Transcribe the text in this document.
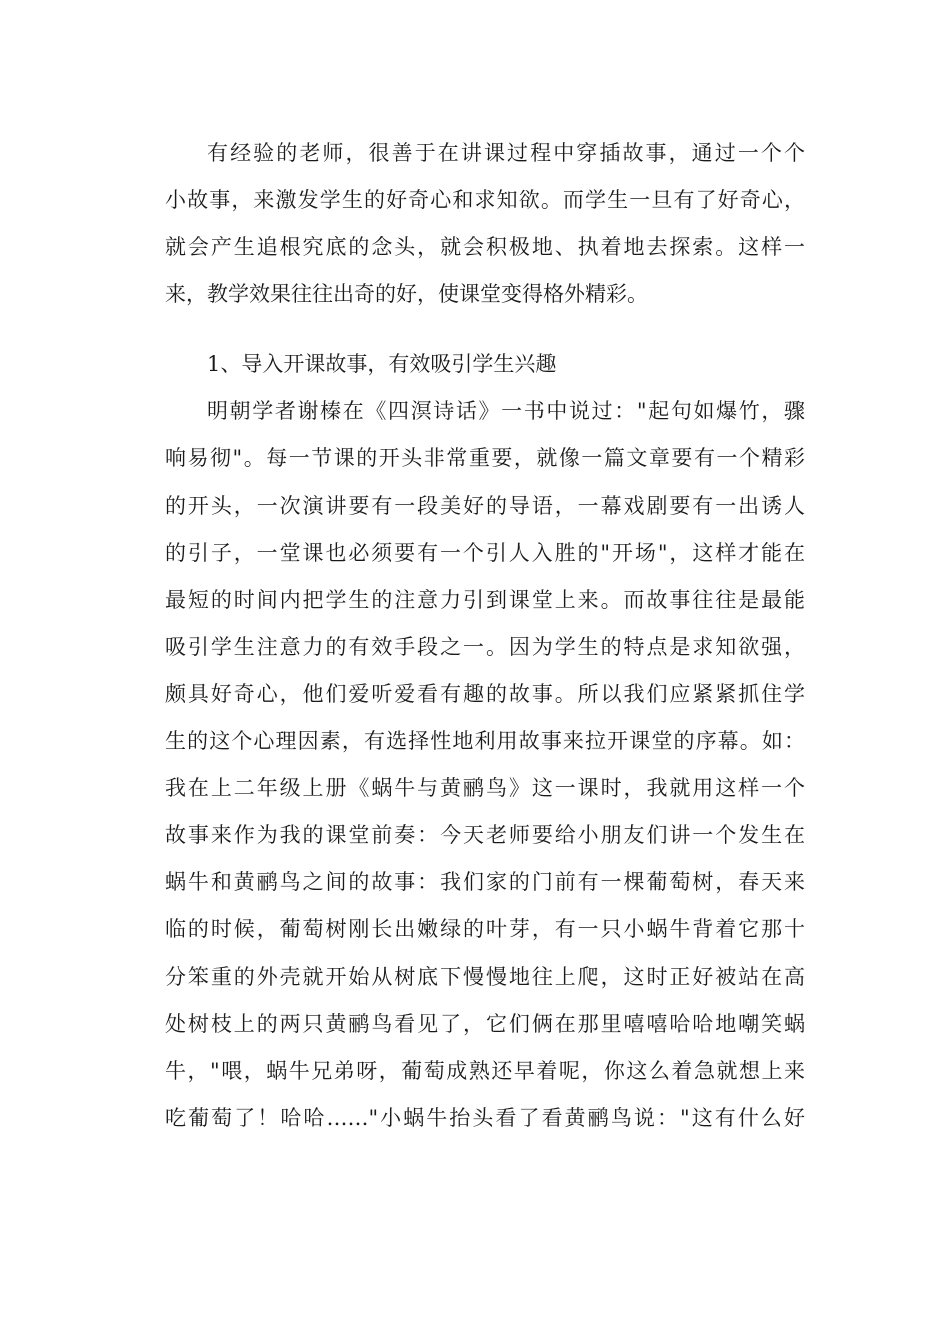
有经验的老师，很善于在讲课过程中穿插故事，通过一个个
小故事，来激发学生的好奇心和求知欲。而学生一旦有了好奇心，
就会产生追根究底的念头，就会积极地、执着地去探索。这样一
来，教学效果往往出奇的好，使课堂变得格外精彩。
1、导入开课故事，有效吸引学生兴趣
明朝学者谢榛在《四溟诗话》一书中说过："起句如爆竹，骤
响易彻"。每一节课的开头非常重要，就像一篇文章要有一个精彩
的开头，一次演讲要有一段美好的导语，一幕戏剧要有一出诱人
的引子，一堂课也必须要有一个引人入胜的"开场"，这样才能在
最短的时间内把学生的注意力引到课堂上来。而故事往往是最能
吸引学生注意力的有效手段之一。因为学生的特点是求知欲强，
颇具好奇心，他们爱听爱看有趣的故事。所以我们应紧紧抓住学
生的这个心理因素，有选择性地利用故事来拉开课堂的序幕。如：
我在上二年级上册《蜗牛与黄鹂鸟》这一课时，我就用这样一个
故事来作为我的课堂前奏：今天老师要给小朋友们讲一个发生在
蜗牛和黄鹂鸟之间的故事：我们家的门前有一棵葡萄树，春天来
临的时候，葡萄树刚长出嫩绿的叶芽，有一只小蜗牛背着它那十
分笨重的外壳就开始从树底下慢慢地往上爬，这时正好被站在高
处树枝上的两只黄鹂鸟看见了，它们俩在那里嘻嘻哈哈地嘲笑蜗
牛，"喂，蜗牛兄弟呀，葡萄成熟还早着呢，你这么着急就想上来
吃葡萄了！哈哈……"小蜗牛抬头看了看黄鹂鸟说："这有什么好
